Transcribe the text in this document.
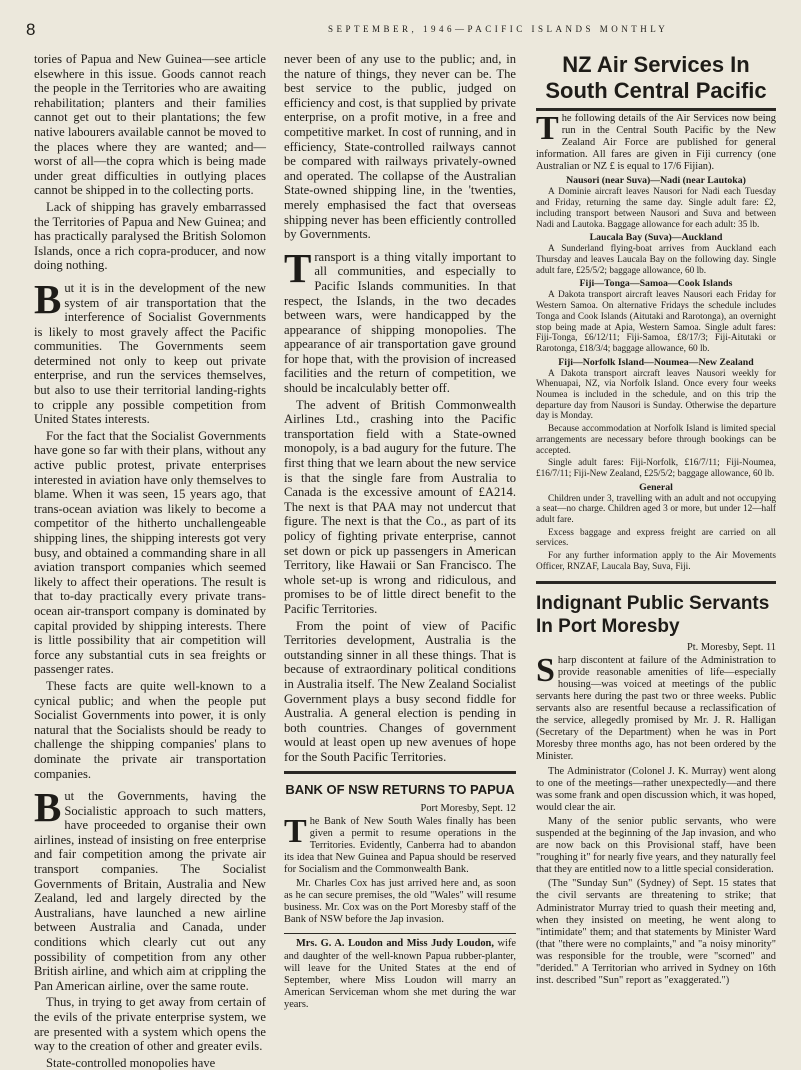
8	SEPTEMBER, 1946—PACIFIC ISLANDS MONTHLY

tories of Papua and New Guinea—see article elsewhere in this issue. Goods cannot reach the people in the Territories who are awaiting rehabilitation; planters and their families cannot get out to their plantations; the few native labourers available cannot be moved to the places where they are wanted; and—worst of all—the copra which is being made under great difficulties in outlying places cannot be shipped in to the collecting ports.

Lack of shipping has gravely embarrassed the Territories of Papua and New Guinea; and has practically paralysed the British Solomon Islands, once a rich copra-producer, and now doing nothing.

But it is in the development of the new system of air transportation that the interference of Socialist Governments is likely to most gravely affect the Pacific communities. The Governments seem determined not only to keep out private enterprise, and run the services themselves, but also to use their territorial landing-rights to cripple any possible competition from United States interests.

For the fact that the Socialist Governments have gone so far with their plans, without any active public protest, private enterprises interested in aviation have only themselves to blame. When it was seen, 15 years ago, that trans-ocean aviation was likely to become a competitor of the hitherto unchallengeable shipping lines, the shipping interests got very busy, and obtained a commanding share in all aviation transport companies which seemed likely to affect their operations. The result is that to-day practically every private trans-ocean air-transport company is dominated by capital provided by shipping interests. There is little possibility that air competition will force any substantial cuts in sea freights or passenger rates.

These facts are quite well-known to a cynical public; and when the people put Socialist Governments into power, it is only natural that the Socialists should be ready to challenge the shipping companies' plans to dominate the private air transportation companies.

But the Governments, having the Socialistic approach to such matters, have proceeded to organise their own airlines, instead of insisting on free enterprise and fair competition among the private air transport companies. The Socialist Governments of Britain, Australia and New Zealand, led and largely directed by the Australians, have launched a new airline between Australia and Canada, under conditions which clearly cut out any possibility of competition from any other British airline, and which aim at crippling the Pan American airline, over the same route.

Thus, in trying to get away from certain of the evils of the private enterprise system, we are presented with a system which opens the way to the creation of other and greater evils.

State-controlled monopolies have

never been of any use to the public; and, in the nature of things, they never can be. The best service to the public, judged on efficiency and cost, is that supplied by private enterprise, on a profit motive, in a free and competitive market. In cost of running, and in efficiency, State-controlled railways cannot be compared with railways privately-owned and operated. The collapse of the Australian State-owned shipping line, in the 'twenties, merely emphasised the fact that overseas shipping never has been efficiently controlled by Governments.

Transport is a thing vitally important to all communities, and especially to Pacific Islands communities. In that respect, the Islands, in the two decades between wars, were handicapped by the appearance of shipping monopolies. The appearance of air transportation gave ground for hope that, with the provision of increased facilities and the return of competition, we should be incalculably better off.

The advent of British Commonwealth Airlines Ltd., crashing into the Pacific transportation field with a State-owned monopoly, is a bad augury for the future. The first thing that we learn about the new service is that the single fare from Australia to Canada is the excessive amount of £A214. The next is that PAA may not undercut that figure. The next is that the Co., as part of its policy of fighting private enterprise, cannot set down or pick up passengers in American Territory, like Hawaii or San Francisco. The whole set-up is wrong and ridiculous, and promises to be of little direct benefit to the Pacific Territories.

From the point of view of Pacific Territories development, Australia is the outstanding sinner in all these things. That is because of extraordinary political conditions in Australia itself. The New Zealand Socialist Government plays a busy second fiddle for Australia. A general election is pending in both countries. Changes of government would at least open up new avenues of hope for the South Pacific Territories.

BANK OF NSW RETURNS TO PAPUA

Port Moresby, Sept. 12

The Bank of New South Wales finally has been given a permit to resume operations in the Territories. Evidently, Canberra had to abandon its idea that New Guinea and Papua should be reserved for Socialism and the Commonwealth Bank.

Mr. Charles Cox has just arrived here and, as soon as he can secure premises, the old "Wales" will resume business. Mr. Cox was on the Port Moresby staff of the Bank of NSW before the Jap invasion.

Mrs. G. A. Loudon and Miss Judy Loudon, wife and daughter of the well-known Papua rubber-planter, will leave for the United States at the end of September, where Miss Loudon will marry an American Serviceman whom she met during the war years.

NZ Air Services In South Central Pacific

The following details of the Air Services now being run in the Central South Pacific by the New Zealand Air Force are published for general information. All fares are given in Fiji currency (one Australian or NZ £ is equal to 17/6 Fijian).

Nausori (near Suva)—Nadi (near Lautoka)

A Dominie aircraft leaves Nausori for Nadi each Tuesday and Friday, returning the same day. Single adult fare: £2, including transport between Nausori and Suva and between Nadi and Lautoka. Baggage allowance for each adult: 35 lb.

Laucala Bay (Suva)—Auckland

A Sunderland flying-boat arrives from Auckland each Thursday and leaves Laucala Bay on the following day. Single adult fare, £25/5/2; baggage allowance, 60 lb.

Fiji—Tonga—Samoa—Cook Islands

A Dakota transport aircraft leaves Nausori each Friday for Western Samoa. On alternative Fridays the schedule includes Tonga and Cook Islands (Aitutaki and Rarotonga), an overnight stop being made at Apia, Western Samoa. Single adult fares: Fiji-Tonga, £6/12/11; Fiji-Samoa, £8/17/3; Fiji-Aitutaki or Rarotonga, £18/3/4; baggage allowance, 60 lb.

Fiji—Norfolk Island—Noumea—New Zealand

A Dakota transport aircraft leaves Nausori weekly for Whenuapai, NZ, via Norfolk Island. Once every four weeks Noumea is included in the schedule, and on this trip the departure day from Nausori is Sunday. Otherwise the departure day is Monday.

Because accommodation at Norfolk Island is limited special arrangements are necessary before through bookings can be accepted.

Single adult fares: Fiji-Norfolk, £16/7/11; Fiji-Noumea, £16/7/11; Fiji-New Zealand, £25/5/2; baggage allowance, 60 lb.

General

Children under 3, travelling with an adult and not occupying a seat—no charge. Children aged 3 or more, but under 12—half adult fare.

Excess baggage and express freight are carried on all services.

For any further information apply to the Air Movements Officer, RNZAF, Laucala Bay, Suva, Fiji.

Indignant Public Servants In Port Moresby

Pt. Moresby, Sept. 11

Sharp discontent at failure of the Administration to provide reasonable amenities of life—especially housing—was voiced at meetings of the public servants here during the past two or three weeks. Public servants also are resentful because a reclassification of the service, allegedly promised by Mr. J. R. Halligan (Secretary of the Department) when he was in Port Moresby three months ago, has not been ordered by the Minister.

The Administrator (Colonel J. K. Murray) went along to one of the meetings—rather unexpectedly—and there was some frank and open discussion which, it was hoped, would clear the air.

Many of the senior public servants, who were suspended at the beginning of the Jap invasion, and who are now back on this Provisional staff, have been "roughing it" for nearly five years, and they naturally feel that they are entitled now to a little special consideration.

(The "Sunday Sun" (Sydney) of Sept. 15 states that the civil servants are threatening to strike; that Administrator Murray tried to quash their meeting and, when they insisted on meeting, he went along to "intimidate" them; and that statements by Minister Ward (that "there were no complaints," and "a noisy minority" was responsible for the trouble, were "scorned" and "derided." A Territorian who arrived in Sydney on 16th inst. described "Sun" report as "exaggerated.")
